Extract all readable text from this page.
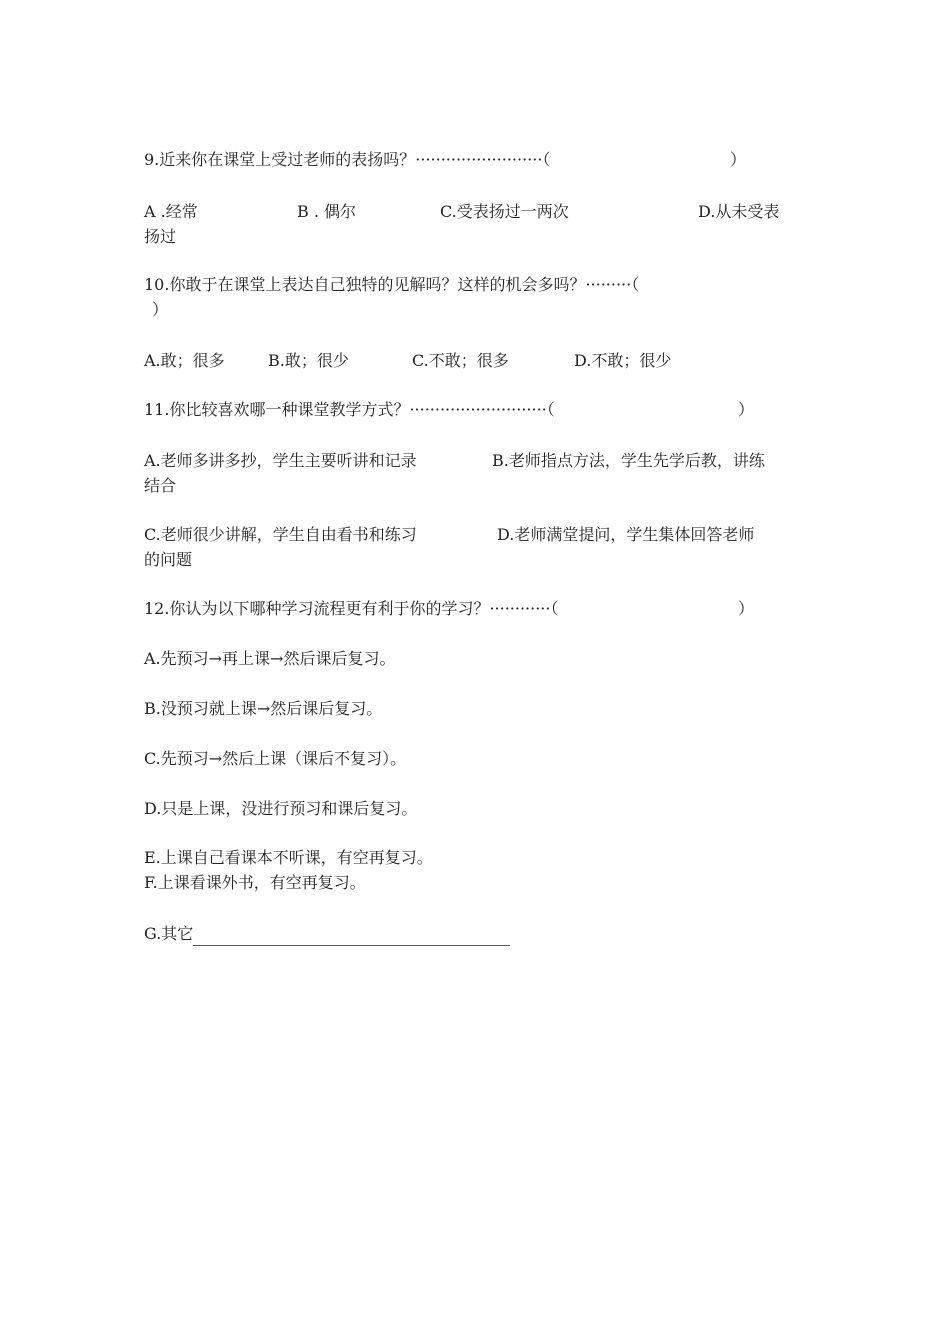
9.近来你在课堂上受过老师的表扬吗？·························（	）
A .经常	B . 偶尔	C.受表扬过一两次	D.从未受表
扬过
10.你敢于在课堂上表达自己独特的见解吗？这样的机会多吗？·········（
）
A.敢；很多	B.敢；很少	C.不敢；很多	D.不敢；很少
11.你比较喜欢哪一种课堂教学方式？···························（	）
A.老师多讲多抄，学生主要听讲和记录	B.老师指点方法，学生先学后教，讲练
结合
C.老师很少讲解，学生自由看书和练习	D.老师满堂提问，学生集体回答老师
的问题
12.你认为以下哪种学习流程更有利于你的学习？············（	）
A.先预习→再上课→然后课后复习。
B.没预习就上课→然后课后复习。
C.先预习→然后上课（课后不复习）。
D.只是上课，没进行预习和课后复习。
E.上课自己看课本不听课，有空再复习。
F.上课看课外书，有空再复习。
G.其它
